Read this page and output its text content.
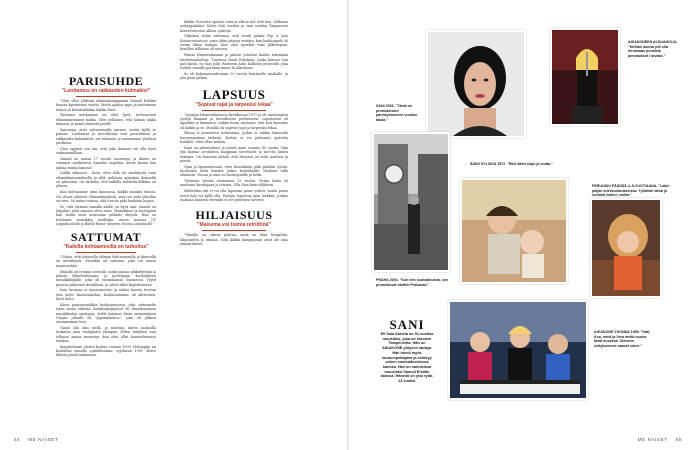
PARISUHDE
"Luottamus on rakkauden kulmakivi"

"Olen ollut yhdessä elämänkumppanini Samuli Erkilän kanssa kymmenen vuotta. Meitä ajanoa oppii ja tuntemaan toinen ja käänteinkäkin kaikki hiset.

Yhteinen matkamme on ollut hyvä, toteutuvasti elämänmittainen matka. Olen sellainen, että haluan tukka ihminen ja päästi hänestä perille.

Sanotaan, ettei vahvemmalla parane, mutta kyllä se parane. Luottamus ja turvallisuus ovat parisuhteen ja rakkauden kulmakiviä, me tulemme ja mennemme yhdessä jarrikoon.

Olen oppinut sen kin, että joku ihminen voi olla hyvä vaikeammillaan.

Samuli on minua 17 vuotta nuorempi, ja ikäero on varmasti merkitsevä Samulin ongelma: miten kauan hän jaksaa minua kanssa?

Leikki oikaseen – koen, ettei iällä ole merkitystä vaan elämänkatsomuksella ja sillä, millaista ajatuksia ihmisellä on päässään. On tärkeää, että kaikilla kahdella kilkkaa on yhteen.

Kun kohtaamme uran kannossa, kaikki muukin tuntuu. On oltava yhteistä elämänkäsitystä, aina ovi auki jokoskin on teen. Se antaa voimaa, ekä toivota pidä kenkään hopan.

Se, että olemme samalla alalla, on hyvä asia. Samuli on lahjakas, jalat maassa oleva mies. Musiikkoon ja tuottajana hän tietää mitä tavaraana pitkästi ehtyviä. Hän on tuottanut musiikkia muillekin, muun muassa J.P. Leppäluodolle ja Battle Beast -yhtyeen Noora Louhimolle."

SATTUMAT
"Kaikilla kohtaamisilla on tarkoitus"

"Uskon, että jokaisella elämän kohtaamisella ja ihmisellä on merkitystä. Musiikki oli sattuma, joka vei minut mennessään.

Minulla oli ryimmi osestolä, soitin pianoa pikkutyttönä ja pääsin Hämeenlinnaan ja perustajan koulutuksen musiikkilinjalle, joka oli ensimmäisiä Suomessa. Tyylit pusivat jatkuvasti kristillisiä, ja sitten alkoi kiipeilemässä.

Isän tarmaus ei innostaneesti, ja niiden kautta teroton tuin myös kaavatalaulua. Koulussaamme oli aktiivinen, hyvä lauro.

Kävin pianomusiikkia kouluopistossa, joka sattumalta toimi tasan ehdottä laulukonkoppäiset eli ihmiskunnasta musiikkialan opettajaa. Siellä laulanut iltani ensimmäinen Oispän jiltaulu oli "pipankahtaon", joka oli jälkeni ensimmäinen levy.

Taisin olla aina siellä, ja muistan, miten nauhoilla tuokaluu aina vastapäätä ylempää. Miten taistelen tuin tolkuun aimaa menestyi, kun olen ollut kuuntelemassa tonikan.

Kirjoitettuani yleistä koulua vuonna 1990, Helsingiin tai kouluihin minulla opiskelemaan, syyskuun 1991. Kerro lähteä pientä iänkaansa.

lähdin Oriveden opiston esitä ja alkoin het, että hän, tälläinen oiskeppaliatut! Kävin että vuoden ja sain osuttua Tampereen konservatorion alkoin opistoja.

Olikohan sitkin sattumaa, että essitä pääsin Pop & Jazz Konservatorioon, vaan oltiin pääsyn erittäin, kun laulutaipale oli siema liikaa laulajia. Kun olen ajatellut ihan jälkeenpäin, kerallen tälläisen oli nuoren.

Pääsin Hämeenlinnaan ja pääsin ystäväni kautta tekemään taistelinsalauluja. Tuarassa Rauli Eskolinin, jonka kanssa tein pari hiistä. Se taas johti Warnerin Asko Kallosen juttuselle, joka esitteli minulle porukan minut tä Alkolanne.

Se oli kokonaisuudessaan 30 vuotta kestänelle matkalle, ja yhä pieni jatkaa.

LAPSUUS
"Sopivat rajat ja tarpeeksi lekaa"

"Synnyin Hämeenlinnassa keväksessa 1971 ja oli vanhempien syntyä ihanaan ja turvalliseen perheeseen. Lapsuuteni oli lapsekas ja lämmintä, vaikka tiesin vanhasta, että koti kasvatus oli kaikin ja se. Minulla oli sopivat rajat ja tarpeeksi lekaa.

Minua ei puinutettu sotkeentua, joskin se sokkin laimuulta harvemmuksia tärkeää. Kertän ei voi puhtaasti ajattelin henkilöt, ettei ollen mitään.

Isäni on pituutarhuri ja työstä mani vuonna 80 vuotta. Hän yhä kantaa orvokeista kauppaan tarvittavat ja tarvitsi hänen tukiinsa. On ihmeena nähdä, että hänessä on vielä motiivia ja päivät.

Opin jo lapsuudessani, ettei kenenkään pidä päättää työstä. Kuviimme heitä ihmistä joskin kohteliaalle. Henkeni tulla elämästä. Vuosia ja ääni on lautasjenlille ja hetki.

Tyttäreni tytstää eloisaanna 13 vuotta. Vittän lomia oli nauttinut kauttojaan ja ottanut. Olla ihan kuin eläkkeen.

Mielestäni äiti ei voi olla lapsensa paras ystävä, mutta paras turva hän voi kyllä olla. Haluan sopeutaa ajan tarkkaa. Joskus tuodaan hänestä eteenkin ei ole pelottava tarvitse.

HILJAISUUS
"Maisema voi toimia retriittinä"

"Minulla on oikeus puhtaa, minä on tilaa hengittää, hiljaisuutta ja rauhaa. Siitä kaikki kumppanini oivat ole aina ymmärtäneet.

64 ME NAISET
AIKAKONEEN ALKUAIKOJA. "Meihan aiuesa piti olia hirnanaan punaisia pinnatukset i arvaan."
SANI 2003. "Tämä on promokuvani parinkymmenen vuoden takaa."
PRAHA 2004. "Kun tein sooloalbumia, sen promokuvat otettiin Prahassa."
ÄIDIN SYLISSÄ 1972. "Eikö äitini söpö ja mutta."
PERUUKKI PÄÄSSÄ 4–5-VUOTIAANA. "Lakin paijan mielisuntuukkeissa. Tyttöhän tämä jo selvästi halkee rooilia."
AIKAKONE VUONNA 1995. "Hati, Koo, minä ja Vera meitä nuoria tästä kuvassa. Olemme esityksemme saanet sinne."
SANI
Eli Sala Aartela on 51-vuotias muusikko, joka on kotoisin Tampereelta. Hän on AIKAKONE-yhtyeen laulaja. Hän toimii myös laulunopettajana ja esiintyy omien sooloalbumiensa kanssa. Hän on naimisissa muusikko Samuli Erkilän kanssa. Hänellä on yksi tytär, 13 vuotta.
ME NAISET 65
